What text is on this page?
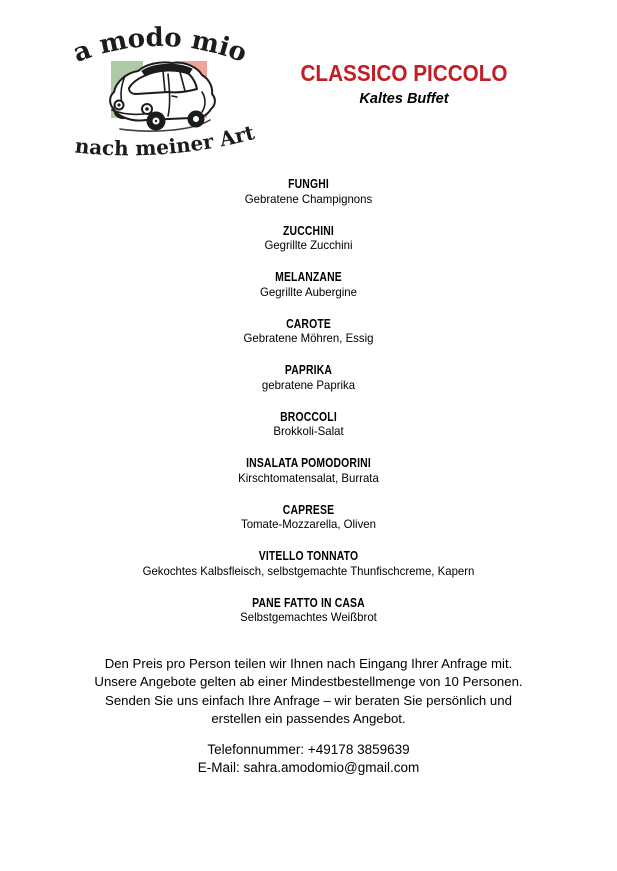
a modo mio
nach meiner Art
CLASSICO PICCOLO
Kaltes Buffet
FUNGHI
Gebratene Champignons
ZUCCHINI
Gegrillte Zucchini
MELANZANE
Gegrillte Aubergine
CAROTE
Gebratene Möhren, Essig
PAPRIKA
gebratene Paprika
BROCCOLI
Brokkoli-Salat
INSALATA POMODORINI
Kirschtomatensalat, Burrata
CAPRESE
Tomate-Mozzarella, Oliven
VITELLO TONNATO
Gekochtes Kalbsfleisch, selbstgemachte Thunfischcreme, Kapern
PANE FATTO IN CASA
Selbstgemachtes Weißbrot
Den Preis pro Person teilen wir Ihnen nach Eingang Ihrer Anfrage mit.
Unsere Angebote gelten ab einer Mindestbestellmenge von 10 Personen.
Senden Sie uns einfach Ihre Anfrage – wir beraten Sie persönlich und
erstellen ein passendes Angebot.
Telefonnummer: +49178 3859639
E-Mail: sahra.amodomio@gmail.com
